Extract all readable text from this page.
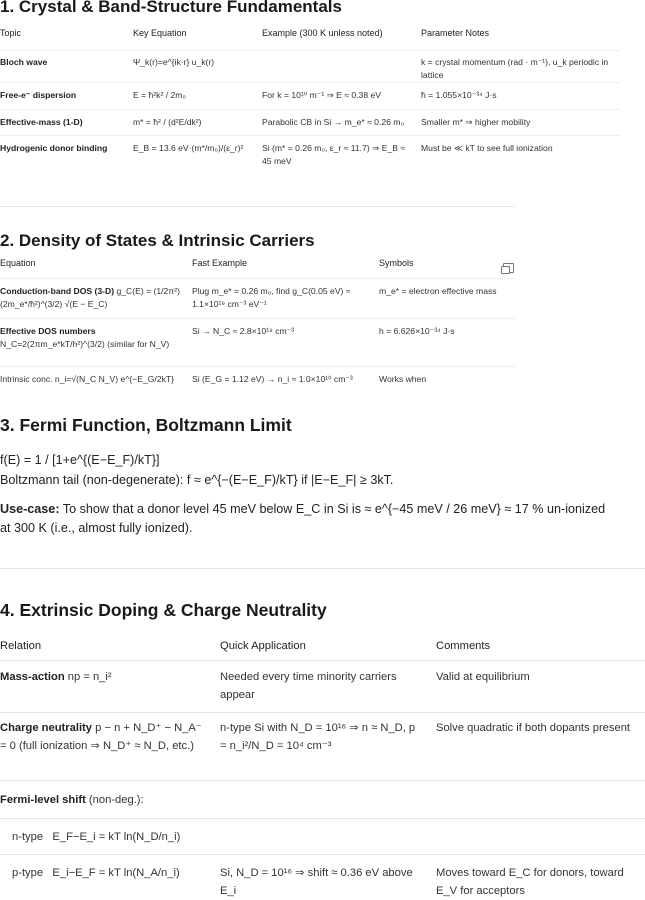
1. Crystal & Band-Structure Fundamentals
Topic	Key Equation	Example (300 K unless noted)	Parameter Notes
Bloch wave	Ψ_k(r)=e^{ik·r} u_k(r)		k = crystal momentum (rad · m⁻¹), u_k periodic in lattice
Free-e⁻ dispersion	E = ħ²k² / 2m₀	For k = 10¹⁰ m⁻¹ ⇒ E ≈ 0.38 eV	ħ = 1.055×10⁻³⁴ J·s
Effective-mass (1-D)	m* = ħ² / (d²E/dk²)	Parabolic CB in Si → m_e* ≈ 0.26 m₀	Smaller m* ⇒ higher mobility
Hydrogenic donor binding	E_B = 13.6 eV·(m*/m₀)/(ε_r)²	Si (m* = 0.26 m₀, ε_r ≈ 11.7) ⇒ E_B ≈ 45 meV	Must be ≪ kT to see full ionization
2. Density of States & Intrinsic Carriers
Equation	Fast Example	Symbols
Conduction-band DOS (3-D) g_C(E) = (1/2π²)(2m_e*/ħ²)^(3/2) √(E − E_C)	Plug m_e* = 0.26 m₀, find g_C(0.05 eV) ≈ 1.1×10¹⁹ cm⁻³ eV⁻¹	m_e* = electron effective mass

Effective DOS numbers
N_C=2(2πm_e*kT/h²)^(3/2) (similar for N_V)	Si → N_C ≈ 2.8×10¹⁹ cm⁻³	h = 6.626×10⁻³⁴ J·s
Intrinsic conc. n_i=√(N_C N_V) e^{−E_G/2kT}	Si (E_G = 1.12 eV) → n_i ≈ 1.0×10¹⁰ cm⁻³	Works when
3. Fermi Function, Boltzmann Limit
f(E) = 1 / [1+e^{(E−E_F)/kT}]
Boltzmann tail (non-degenerate): f ≈ e^{−(E−E_F)/kT} if |E−E_F| ≥ 3kT.
Use-case: To show that a donor level 45 meV below E_C in Si is ≈ e^{−45 meV / 26 meV} ≈ 17 % un-ionized
at 300 K (i.e., almost fully ionized).
4. Extrinsic Doping & Charge Neutrality
Relation	Quick Application	Comments
Mass-action np = n_i²	Needed every time minority carriers appear	Valid at equilibrium
Charge neutrality p − n + N_D⁺ − N_A⁻ = 0 (full ionization ⇒ N_D⁺ ≈ N_D, etc.)	n-type Si with N_D = 10¹⁶ ⇒ n ≈ N_D, p = n_i²/N_D = 10⁴ cm⁻³	Solve quadratic if both dopants present
Fermi-level shift (non-deg.):		
n-type   E_F−E_i = kT ln(N_D/n_i)		
p-type   E_i−E_F = kT ln(N_A/n_i)	Si, N_D = 10¹⁶ ⇒ shift ≈ 0.36 eV above E_i	Moves toward E_C for donors, toward E_V for acceptors
